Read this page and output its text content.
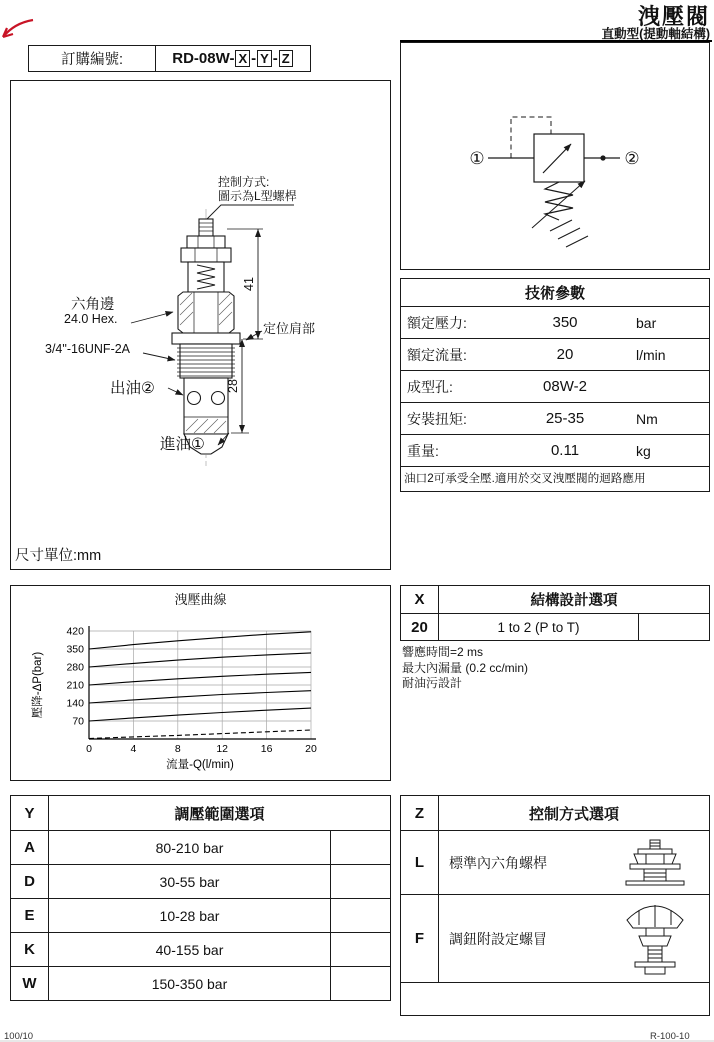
洩壓閥
直動型(提動軸結構)
訂購編號:	RD-08W- X - Y - Z
41
28
控制方式:
圖示為L型螺桿
六角邊
24.0 Hex.
3/4"-16UNF-2A
定位肩部
出油②
進油①
尺寸單位:mm
①	②
技術參數
額定壓力:	350	bar
額定流量:	20	l/min
成型孔:	08W-2
安裝扭矩:	25-35	Nm
重量:	0.11	kg
油口2可承受全壓.適用於交叉洩壓閥的迴路應用
洩壓曲線
0	4	8	12	16	20
70
140
210
280
350
420
流量-Q(l/min)
壓降-ΔP(bar)
X	結構設計選項
20	1 to 2 (P to T)
響應時間=2 ms
最大內漏量 (0.2 cc/min)
耐油污設計
Y	調壓範圍選項
A	80-210 bar
D	30-55 bar
E	10-28 bar
K	40-155 bar
W	150-350 bar
Z	控制方式選項
L	標準內六角螺桿
F	調鈕附設定螺冒
100/10	R-100-10
